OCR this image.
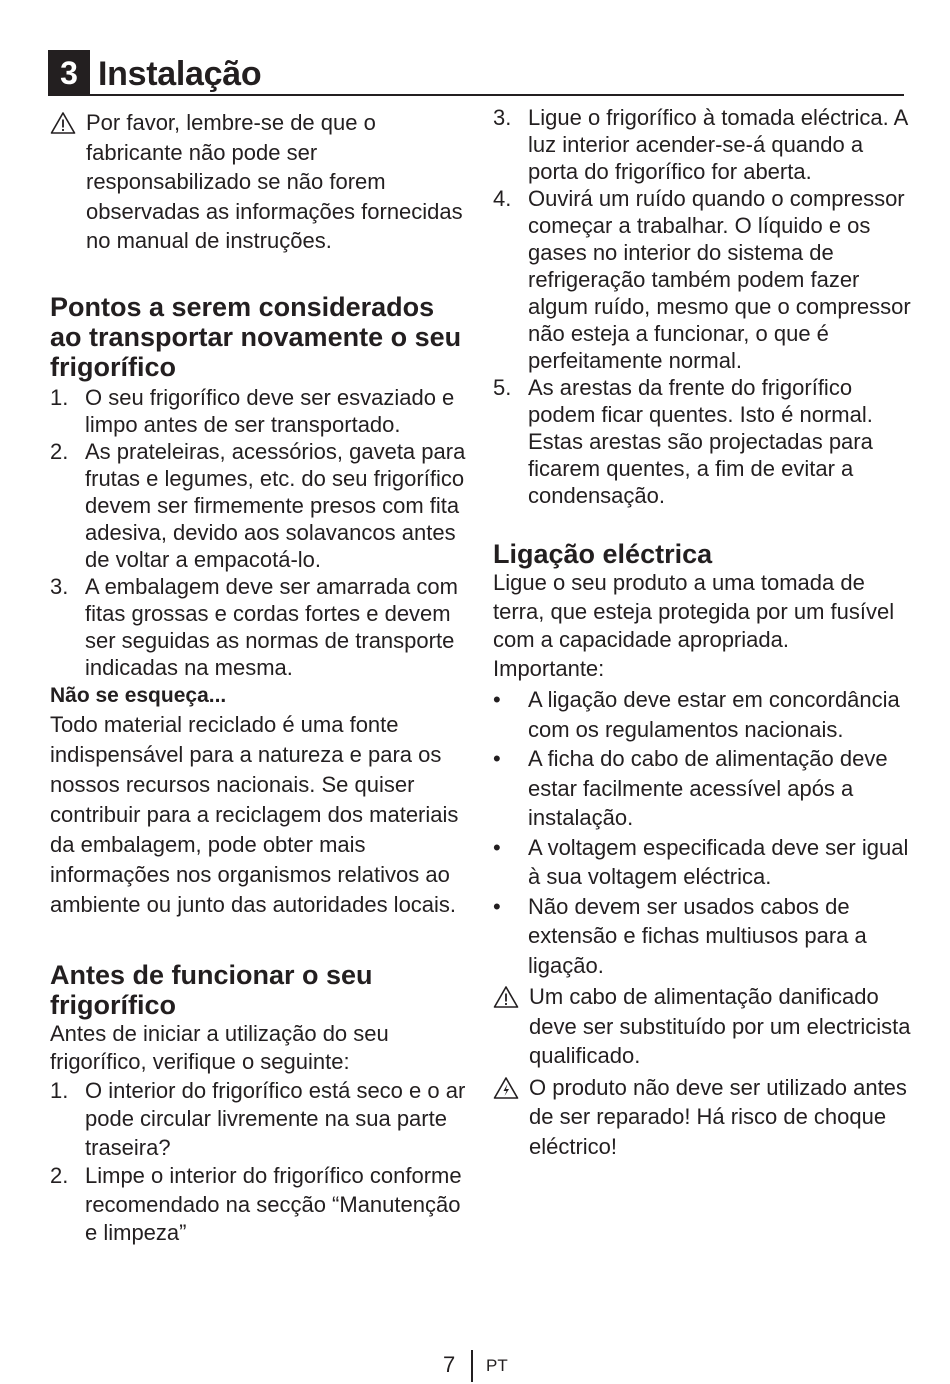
3 Instalação

Por favor, lembre-se de que o fabricante não pode ser responsabilizado se não forem observadas as informações fornecidas no manual de instruções.

Pontos a serem considerados ao transportar novamente o seu frigorífico
1. O seu frigorífico deve ser esvaziado e limpo antes de ser transportado.
2. As prateleiras, acessórios, gaveta para frutas e legumes, etc. do seu frigorífico devem ser firmemente presos com fita adesiva, devido aos solavancos antes de voltar a empacotá-lo.
3. A embalagem deve ser amarrada com fitas grossas e cordas fortes e devem ser seguidas as normas de transporte indicadas na mesma.
Não se esqueça...

Todo material reciclado é uma fonte indispensável para a natureza e para os nossos recursos nacionais. Se quiser contribuir para a reciclagem dos materiais da embalagem, pode obter mais informações nos organismos relativos ao ambiente ou junto das autoridades locais.

Antes de funcionar o seu frigorífico

Antes de iniciar a utilização do seu frigorífico, verifique o seguinte:

1. O interior do frigorífico está seco e o ar pode circular livremente na sua parte traseira?
2. Limpe o interior do frigorífico conforme recomendado na secção “Manutenção e limpeza”
3. Ligue o frigorífico à tomada eléctrica. A luz interior acender-se-á quando a porta do frigorífico for aberta.
4. Ouvirá um ruído quando o compressor começar a trabalhar. O líquido e os gases no interior do sistema de refrigeração também podem fazer algum ruído, mesmo que o compressor não esteja a funcionar, o que é perfeitamente normal.
5. As arestas da frente do frigorífico podem ficar quentes. Isto é normal. Estas arestas são projectadas para ficarem quentes, a fim de evitar a condensação.
Ligação eléctrica

Ligue o seu produto a uma tomada de terra, que esteja protegida por um fusível com a capacidade apropriada.

Importante:

• A ligação deve estar em concordância com os regulamentos nacionais.
• A ficha do cabo de alimentação deve estar facilmente acessível após a instalação.
• A voltagem especificada deve ser igual à sua voltagem eléctrica.
• Não devem ser usados cabos de extensão e fichas multiusos para a ligação.

Um cabo de alimentação danificado deve ser substituído por um electricista qualificado.

O produto não deve ser utilizado antes de ser reparado! Há risco de choque eléctrico!

7 PT
